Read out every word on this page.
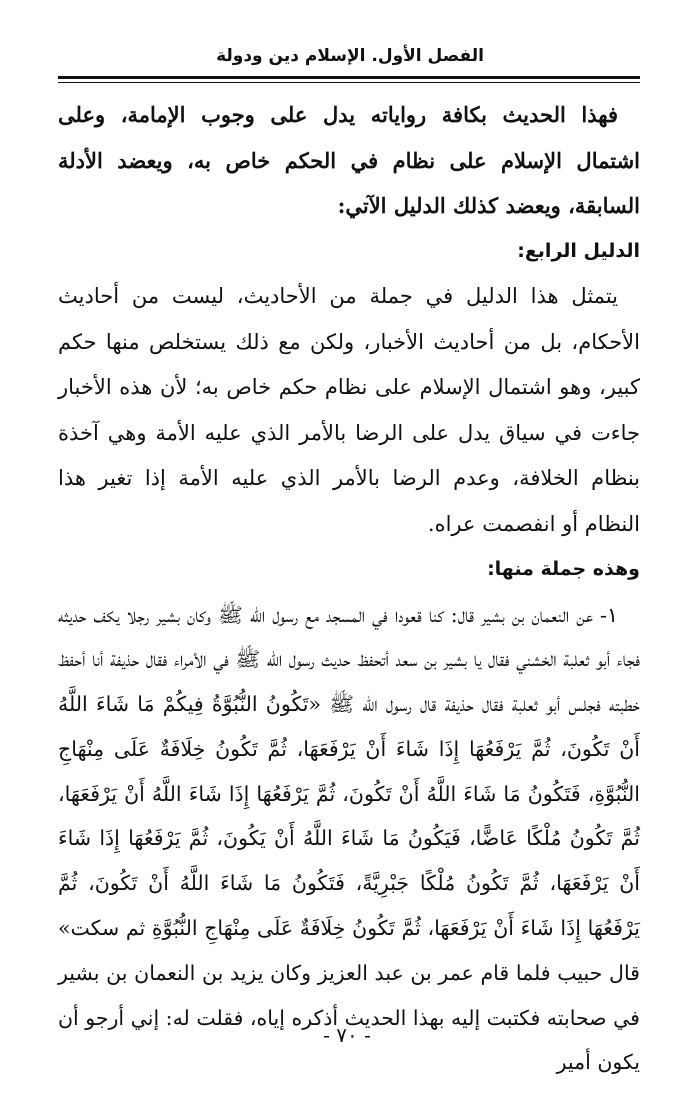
الفصل الأول. الإسلام دين ودولة

فهذا الحديث بكافة رواياته يدل على وجوب الإمامة، وعلى اشتمال الإسلام على نظام في الحكم خاص به، ويعضد الأدلة السابقة، ويعضد كذلك الدليل الآتي:

الدليل الرابع:

يتمثل هذا الدليل في جملة من الأحاديث، ليست من أحاديث الأحكام، بل من أحاديث الأخبار، ولكن مع ذلك يستخلص منها حكم كبير، وهو اشتمال الإسلام على نظام حكم خاص به؛ لأن هذه الأخبار جاءت في سياق يدل على الرضا بالأمر الذي عليه الأمة وهي آخذة بنظام الخلافة، وعدم الرضا بالأمر الذي عليه الأمة إذا تغير هذا النظام أو انفصمت عراه.

وهذه جملة منها:

١- عن النعمان بن بشير قال: كنا قعودا في المسجد مع رسول الله ﷺ وكان بشير رجلا يكف حديثه فجاء أبو ثعلبة الخشني فقال يا بشير بن سعد أتحفظ حديث رسول الله ﷺ في الأمراء فقال حذيفة أنا أحفظ خطبته فجلس أبو ثعلبة فقال حذيفة قال رسول الله ﷺ «تَكُونُ النُّبُوَّةُ فِيكُمْ مَا شَاءَ اللَّهُ أَنْ تَكُونَ، ثُمَّ يَرْفَعُهَا إِذَا شَاءَ أَنْ يَرْفَعَهَا، ثُمَّ تَكُونُ خِلَافَةٌ عَلَى مِنْهَاجِ النُّبُوَّةِ، فَتَكُونُ مَا شَاءَ اللَّهُ أَنْ تَكُونَ، ثُمَّ يَرْفَعُهَا إِذَا شَاءَ اللَّهُ أَنْ يَرْفَعَهَا، ثُمَّ تَكُونُ مُلْكًا عَاضًّا، فَيَكُونُ مَا شَاءَ اللَّهُ أَنْ يَكُونَ، ثُمَّ يَرْفَعُهَا إِذَا شَاءَ أَنْ يَرْفَعَهَا، ثُمَّ تَكُونُ مُلْكًا جَبْرِيَّةً، فَتَكُونُ مَا شَاءَ اللَّهُ أَنْ تَكُونَ، ثُمَّ يَرْفَعُهَا إِذَا شَاءَ أَنْ يَرْفَعَهَا، ثُمَّ تَكُونُ خِلَافَةٌ عَلَى مِنْهَاجِ النُّبُوَّةِ ثم سكت» قال حبيب فلما قام عمر بن عبد العزيز وكان يزيد بن النعمان بن بشير في صحابته فكتبت إليه بهذا الحديث أذكره إياه، فقلت له: إني أرجو أن يكون أمير

- ٧٠ -
